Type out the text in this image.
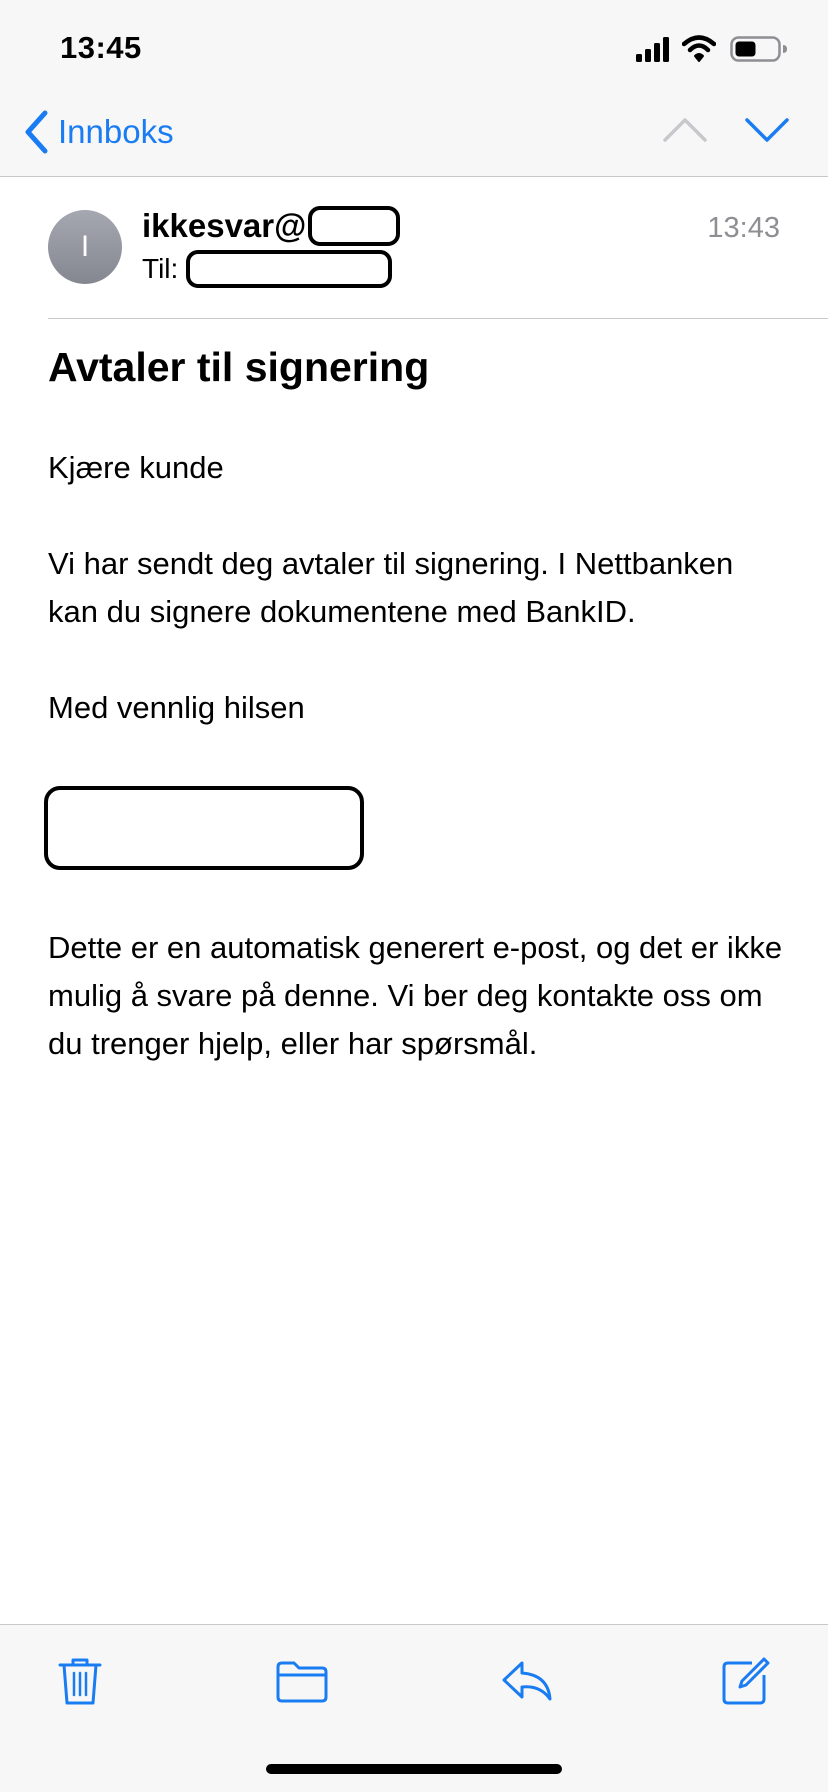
13:45
Innboks
I
ikkesvar@
Til:
13:43
Avtaler til signering

Kjære kunde

Vi har sendt deg avtaler til signering. I Nettbanken kan du signere dokumentene med BankID.

Med vennlig hilsen

Dette er en automatisk generert e-post, og det er ikke mulig å svare på denne. Vi ber deg kontakte oss om du trenger hjelp, eller har spørsmål.
